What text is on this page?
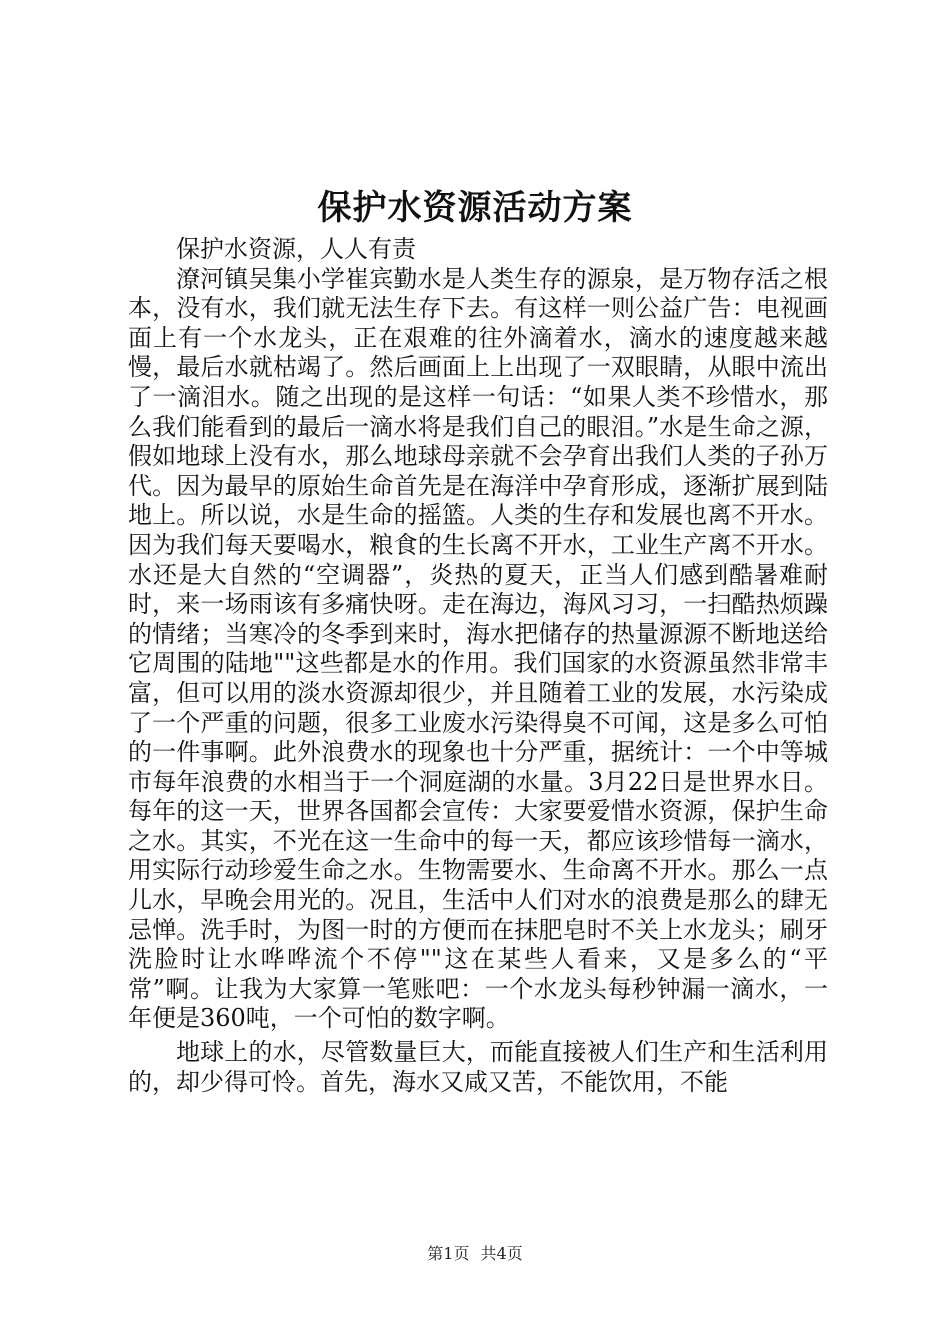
保护水资源活动方案

保护水资源，人人有责

潦河镇吴集小学崔宾勤水是人类生存的源泉，是万物存活之根本，没有水，我们就无法生存下去。有这样一则公益广告：电视画面上有一个水龙头，正在艰难的往外滴着水，滴水的速度越来越慢，最后水就枯竭了。然后画面上上出现了一双眼睛，从眼中流出了一滴泪水。随之出现的是这样一句话：“如果人类不珍惜水，那么我们能看到的最后一滴水将是我们自己的眼泪。”水是生命之源，假如地球上没有水，那么地球母亲就不会孕育出我们人类的子孙万代。因为最早的原始生命首先是在海洋中孕育形成，逐渐扩展到陆地上。所以说，水是生命的摇篮。人类的生存和发展也离不开水。因为我们每天要喝水，粮食的生长离不开水，工业生产离不开水。水还是大自然的“空调器”，炎热的夏天，正当人们感到酷暑难耐时，来一场雨该有多痛快呀。走在海边，海风习习，一扫酷热烦躁的情绪；当寒冷的冬季到来时，海水把储存的热量源源不断地送给它周围的陆地""这些都是水的作用。我们国家的水资源虽然非常丰富，但可以用的淡水资源却很少，并且随着工业的发展，水污染成了一个严重的问题，很多工业废水污染得臭不可闻，这是多么可怕的一件事啊。此外浪费水的现象也十分严重，据统计：一个中等城市每年浪费的水相当于一个洞庭湖的水量。3月22日是世界水日。每年的这一天，世界各国都会宣传：大家要爱惜水资源，保护生命之水。其实，不光在这一生命中的每一天，都应该珍惜每一滴水，用实际行动珍爱生命之水。生物需要水、生命离不开水。那么一点儿水，早晚会用光的。况且，生活中人们对水的浪费是那么的肆无忌惮。洗手时，为图一时的方便而在抹肥皂时不关上水龙头；刷牙洗脸时让水哗哗流个不停""这在某些人看来，又是多么的“平常”啊。让我为大家算一笔账吧：一个水龙头每秒钟漏一滴水，一年便是360吨，一个可怕的数字啊。

地球上的水，尽管数量巨大，而能直接被人们生产和生活利用的，却少得可怜。首先，海水又咸又苦，不能饮用，不能

第1页 共4页
